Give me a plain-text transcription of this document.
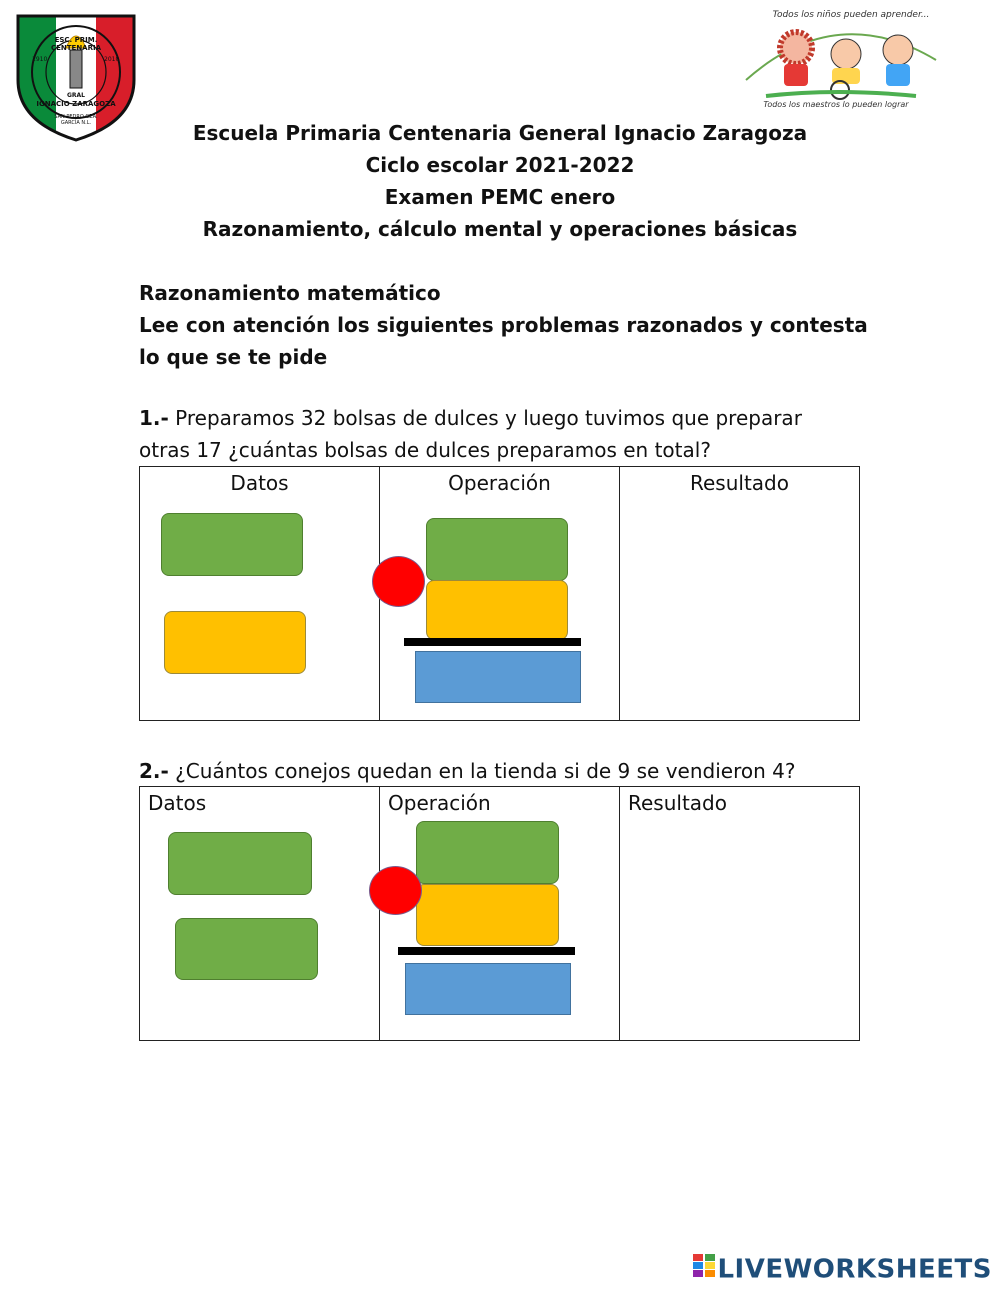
ESC. PRIM. CENTENARIA
1910	2010
GRAL
IGNACIO ZARAGOZA
SAN PEDRO GZA. GARCÍA N.L.
Todos los niños pueden aprender...
Todos los maestros lo pueden lograr
Escuela Primaria Centenaria General Ignacio Zaragoza
Ciclo escolar 2021-2022
Examen PEMC enero
Razonamiento, cálculo mental y operaciones básicas
Razonamiento matemático
Lee con atención los siguientes problemas razonados y contesta
lo que se te pide
1.- Preparamos 32 bolsas de dulces y luego tuvimos que preparar
otras 17 ¿cuántas bolsas de dulces preparamos en total?
Datos	Operación	Resultado
2.- ¿Cuántos conejos quedan en la tienda si de 9 se vendieron 4?
Datos	Operación	Resultado
LIVEWORKSHEETS
